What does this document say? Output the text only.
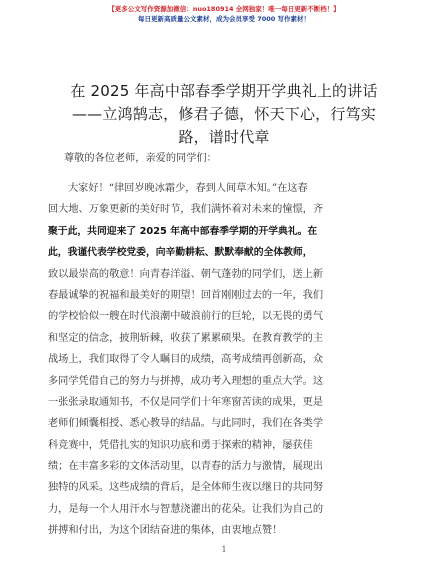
【更多公文写作资源加微信：nuo180914 全网独家！唯一每日更新不断档！】
每日更新高质量公文素材，成为会员享受 7000 写作素材！
在 2025 年高中部春季学期开学典礼上的讲话
——立鸿鹄志，修君子德，怀天下心，行笃实
路，谱时代章
尊敬的各位老师，亲爱的同学们：
大家好！“律回岁晚冰霜少，春到人间草木知。”在这春
回大地、万象更新的美好时节，我们满怀着对未来的憧憬，齐
聚于此，共同迎来了 2025 年高中部春季学期的开学典礼。在
此，我谨代表学校党委，向辛勤耕耘、默默奉献的全体教师，
致以最崇高的敬意！向青春洋溢、朝气蓬勃的同学们，送上新
春最诚挚的祝福和最美好的期望！回首刚刚过去的一年，我们
的学校恰似一艘在时代浪潮中破浪前行的巨轮，以无畏的勇气
和坚定的信念，披荆斩棘，收获了累累硕果。在教育教学的主
战场上，我们取得了令人瞩目的成绩，高考成绩再创新高，众
多同学凭借自己的努力与拼搏，成功考入理想的重点大学。这
一张张录取通知书，不仅是同学们十年寒窗苦读的成果，更是
老师们倾囊相授、悉心教导的结晶。与此同时，我们在各类学
科竞赛中，凭借扎实的知识功底和勇于探索的精神，屡获佳
绩；在丰富多彩的文体活动里，以青春的活力与激情，展现出
独特的风采。这些成绩的背后，是全体师生夜以继日的共同努
力，是每一个人用汗水与智慧浇灌出的花朵。让我们为自己的
拼搏和付出，为这个团结奋进的集体，由衷地点赞！
1
